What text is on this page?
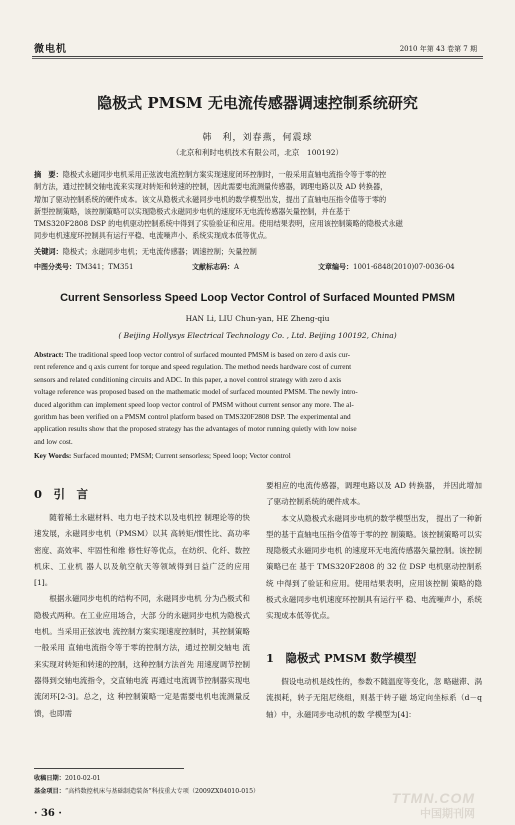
微电机	2010 年第 43 卷第 7 期
隐极式 PMSM 无电流传感器调速控制系统研究
韩　利，刘春燕，何震球
（北京和利时电机技术有限公司，北京　100192）
摘　要：隐极式永磁同步电机采用正弦波电流控制方案实现速度闭环控制时，一般采用直轴电流指令等于零的控
制方法，通过控制交轴电流来实现对转矩和转速的控制，因此需要电流测量传感器，调理电路以及 AD 转换器，
增加了驱动控制系统的硬件成本。该文从隐极式永磁同步电机的数学模型出发，提出了直轴电压指令值等于零的
新型控制策略，该控制策略可以实现隐极式永磁同步电机的速度环无电流传感器矢量控制，并在基于
TMS320F2808 DSP 的电机驱动控制系统中得到了实验验证和应用。使用结果表明，应用该控制策略的隐极式永磁
同步电机速度环控制具有运行平稳、电流噪声小、系统实现成本低等优点。
关键词：隐极式；永磁同步电机；无电流传感器；调速控制；矢量控制
中图分类号：TM341；TM351	文献标志码：A	文章编号：1001-6848(2010)07-0036-04
Current Sensorless Speed Loop Vector Control of Surfaced Mounted PMSM
HAN Li, LIU Chun-yan, HE Zheng-qiu
( Beijing Hollysys Electrical Technology Co. , Ltd. Beijing 100192, China)
Abstract: The traditional speed loop vector control of surfaced mounted PMSM is based on zero d axis cur-
rent reference and q axis current for torque and speed regulation. The method needs hardware cost of current
sensors and related conditioning circuits and ADC. In this paper, a novel control strategy with zero d axis
voltage reference was proposed based on the mathematic model of surfaced mounted PMSM. The newly intro-
duced algorithm can implement speed loop vector control of PMSM without current sensor any more. The al-
gorithm has been verified on a PMSM control platform based on TMS320F2808 DSP. The experimental and
application results show that the proposed strategy has the advantages of motor running quietly with low noise
and low cost.
Key Words: Surfaced mounted; PMSM; Current sensorless; Speed loop; Vector control
0　引　言

随着稀土永磁材料、电力电子技术以及电机控 制理论等的快速发展，永磁同步电机（PMSM）以其 高转矩/惯性比、高功率密度、高效率、牢固性和维 修性好等优点，在纺织、化纤、数控机床、工业机 器人以及航空航天等领域得到日益广泛的应用[1]。

根据永磁同步电机的结构不同，永磁同步电机 分为凸极式和隐极式两种。在工业应用场合，大部 分的永磁同步电机为隐极式电机。当采用正弦波电 流控制方案实现速度控制时，其控制策略一般采用 直轴电流指令等于零的控制方法，通过控制交轴电 流来实现对转矩和转速的控制，这种控制方法首先 用速度调节控制器得到交轴电流指令，交直轴电流 再通过电流调节控制器实现电流闭环[2-3]。总之，这 种控制策略一定是需要电机电流测量反馈，也即需

要相应的电流传感器，调理电路以及 AD 转换器， 并因此增加了驱动控制系统的硬件成本。

本文从隐极式永磁同步电机的数学模型出发， 提出了一种新型的基于直轴电压指令值等于零的控 制策略。该控制策略可以实现隐极式永磁同步电机 的速度环无电流传感器矢量控制。该控制策略已在 基于 TMS320F2808 的 32 位 DSP 电机驱动控制系统 中得到了验证和应用。使用结果表明，应用该控制 策略的隐极式永磁同步电机速度环控制具有运行平 稳、电流噪声小，系统实现成本低等优点。

1　隐极式 PMSM 数学模型

假设电动机是线性的，参数不随温度等变化，忽 略磁滞、涡流损耗，转子无阻尼绕组，则基于转子磁 场定向坐标系（d－q 轴）中，永磁同步电动机的数 学模型为[4]：

收稿日期：2010-02-01
基金项目：“高档数控机床与基础制造装备”科技重大专项（2009ZX04010-015）
· 36 ·
TTMN.COM
中国期刊网
